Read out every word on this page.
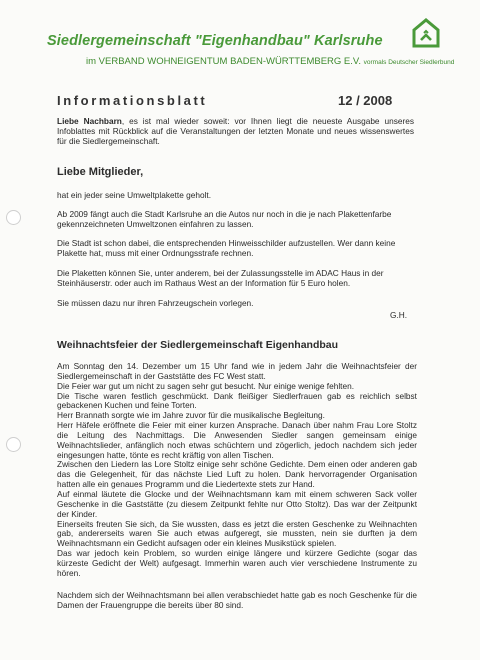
Siedlergemeinschaft "Eigenhandbau" Karlsruhe
im VERBAND WOHNEIGENTUM BADEN-WÜRTTEMBERG E.V. vormals Deutscher Siedlerbund
Informationsblatt	12 / 2008
Liebe Nachbarn, es ist mal wieder soweit: vor Ihnen liegt die neueste Ausgabe unseres Infoblattes mit Rückblick auf die Veranstaltungen der letzten Monate und neues wissenswertes für die Siedlergemeinschaft.
Liebe Mitglieder,

hat ein jeder seine Umweltplakette geholt.

Ab 2009 fängt auch die Stadt Karlsruhe an die Autos nur noch in die je nach Plakettenfarbe gekennzeichneten Umweltzonen einfahren zu lassen.

Die Stadt ist schon dabei, die entsprechenden Hinweisschilder aufzustellen. Wer dann keine Plakette hat, muss mit einer Ordnungsstrafe rechnen.

Die Plaketten können Sie, unter anderem, bei der Zulassungsstelle im ADAC Haus in der Steinhäuserstr. oder auch im Rathaus West an der Information für 5 Euro holen.

Sie müssen dazu nur ihren Fahrzeugschein vorlegen.

G.H.
Weihnachtsfeier der Siedlergemeinschaft Eigenhandbau
Am Sonntag den 14. Dezember um 15 Uhr fand wie in jedem Jahr die Weihnachtsfeier der Siedlergemeinschaft in der Gaststätte des FC West statt.
Die Feier war gut um nicht zu sagen sehr gut besucht. Nur einige wenige fehlten.
Die Tische waren festlich geschmückt. Dank fleißiger Siedlerfrauen gab es reichlich selbst gebackenen Kuchen und feine Torten.
Herr Brannath sorgte wie im Jahre zuvor für die musikalische Begleitung.
Herr Häfele eröffnete die Feier mit einer kurzen Ansprache. Danach über nahm Frau Lore Stoltz die Leitung des Nachmittags. Die Anwesenden Siedler sangen gemeinsam einige Weihnachtslieder, anfänglich noch etwas schüchtern und zögerlich, jedoch nachdem sich jeder eingesungen hatte, tönte es recht kräftig von allen Tischen.
Zwischen den Liedern las Lore Stoltz einige sehr schöne Gedichte. Dem einen oder anderen gab das die Gelegenheit, für das nächste Lied Luft zu holen. Dank hervorragender Organisation hatten alle ein genaues Programm und die Liedertexte stets zur Hand.
Auf einmal läutete die Glocke und der Weihnachtsmann kam mit einem schweren Sack voller Geschenke in die Gaststätte (zu diesem Zeitpunkt fehlte nur Otto Stoltz). Das war der Zeitpunkt der Kinder.
Einerseits freuten Sie sich, da Sie wussten, dass es jetzt die ersten Geschenke zu Weihnachten gab, andererseits waren Sie auch etwas aufgeregt, sie mussten, nein sie durften ja dem Weihnachtsmann ein Gedicht aufsagen oder ein kleines Musikstück spielen.
Das war jedoch kein Problem, so wurden einige längere und kürzere Gedichte (sogar das kürzeste Gedicht der Welt) aufgesagt. Immerhin waren auch vier verschiedene Instrumente zu hören.

Nachdem sich der Weihnachtsmann bei allen verabschiedet hatte gab es noch Geschenke für die Damen der Frauengruppe die bereits über 80 sind.
